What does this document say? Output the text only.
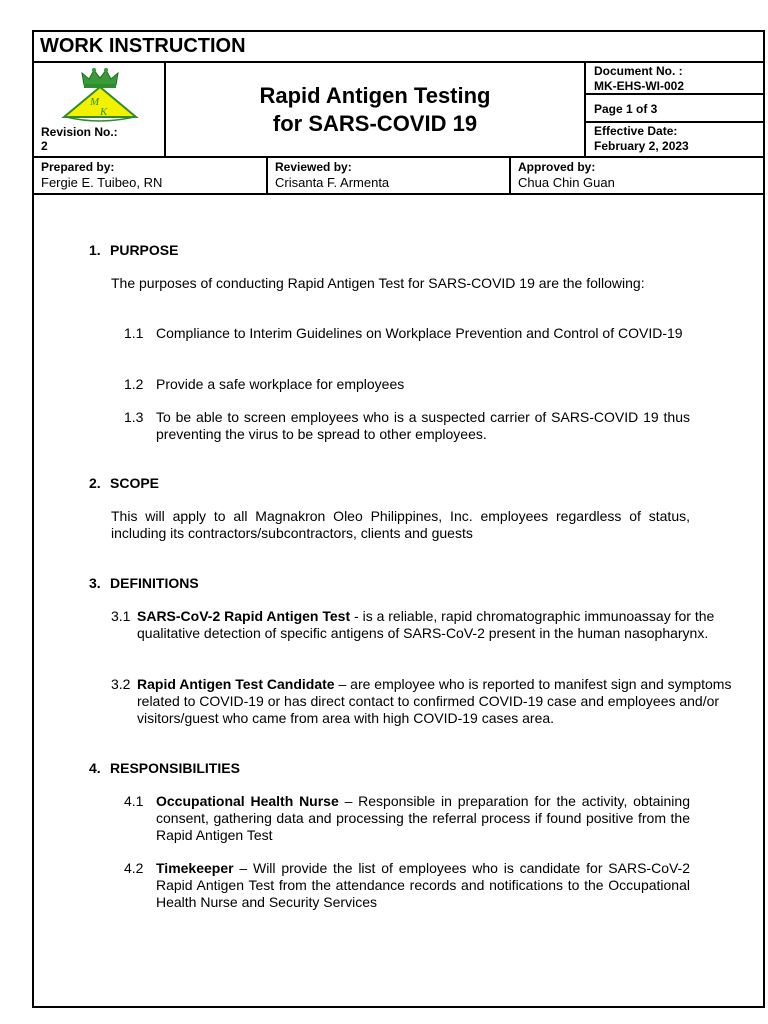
WORK INSTRUCTION
M
K
Revision No.:
2
Rapid Antigen Testing
for SARS-COVID 19
Document No. :
MK-EHS-WI-002
Page 1 of 3
Effective Date:
February 2, 2023
Prepared by:
Fergie E. Tuibeo, RN
Reviewed by:
Crisanta F. Armenta
Approved by:
Chua Chin Guan
1. PURPOSE
The purposes of conducting Rapid Antigen Test for SARS-COVID 19 are the following:
1.1 Compliance to Interim Guidelines on Workplace Prevention and Control of COVID-19
1.2 Provide a safe workplace for employees
1.3 To be able to screen employees who is a suspected carrier of SARS-COVID 19 thus preventing the virus to be spread to other employees.
2. SCOPE
This will apply to all Magnakron Oleo Philippines, Inc. employees regardless of status, including its contractors/subcontractors, clients and guests
3. DEFINITIONS
3.1 SARS-CoV-2 Rapid Antigen Test - is a reliable, rapid chromatographic immunoassay for the qualitative detection of specific antigens of SARS-CoV-2 present in the human nasopharynx.
3.2 Rapid Antigen Test Candidate – are employee who is reported to manifest sign and symptoms related to COVID-19 or has direct contact to confirmed COVID-19 case and employees and/or visitors/guest who came from area with high COVID-19 cases area.
4. RESPONSIBILITIES
4.1 Occupational Health Nurse – Responsible in preparation for the activity, obtaining consent, gathering data and processing the referral process if found positive from the Rapid Antigen Test
4.2 Timekeeper – Will provide the list of employees who is candidate for SARS-CoV-2 Rapid Antigen Test from the attendance records and notifications to the Occupational Health Nurse and Security Services
